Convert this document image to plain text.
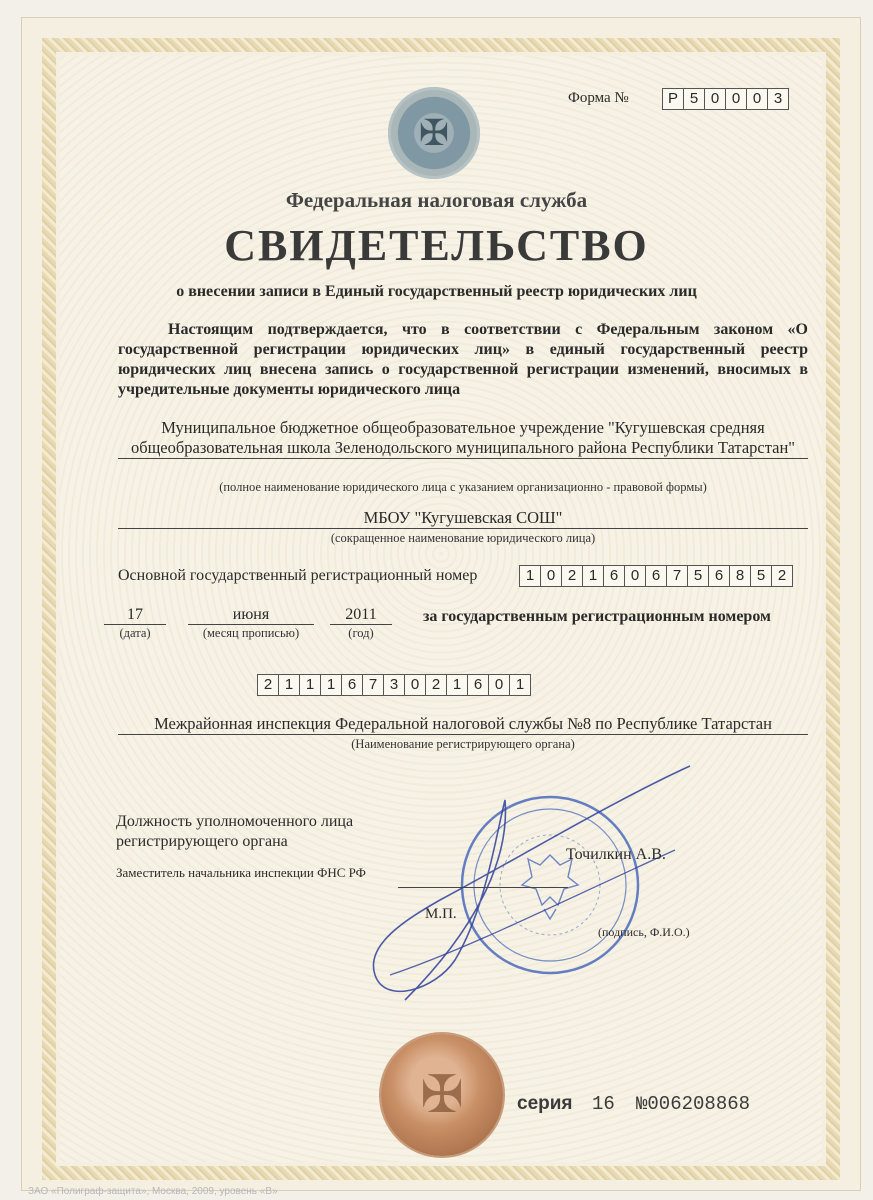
✠
Форма №	Р 5 0 0 0 3
Федеральная налоговая служба
СВИДЕТЕЛЬСТВО
о внесении записи в Единый государственный реестр юридических лиц
Настоящим подтверждается, что в соответствии с Федеральным законом «О государственной регистрации юридических лиц» в единый государственный реестр юридических лиц внесена запись о государственной регистрации изменений, вносимых в учредительные документы юридического лица
Муниципальное бюджетное общеобразовательное учреждение "Кугушевская средняя общеобразовательная школа Зеленодольского муниципального района Республики Татарстан"
(полное наименование юридического лица с указанием организационно - правовой формы)
МБОУ "Кугушевская СОШ"
(сокращенное наименование юридического лица)
Основной государственный регистрационный номер	1 0 2 1 6 0 6 7 5 6 8 5 2
17	июня	2011
(дата)	(месяц прописью)	(год)
за государственным регистрационным номером
2 1 1 1 6 7 3 0 2 1 6 0 1
Межрайонная инспекция Федеральной налоговой службы №8 по Республике Татарстан
(Наименование регистрирующего органа)
Должность уполномоченного лица регистрирующего органа
Заместитель начальника инспекции ФНС РФ
Точилкин А.В.
М.П.
(подпись, Ф.И.О.)
✠	серия 16 №006208868
ЗАО «Полиграф-защита», Москва, 2009, уровень «В»
